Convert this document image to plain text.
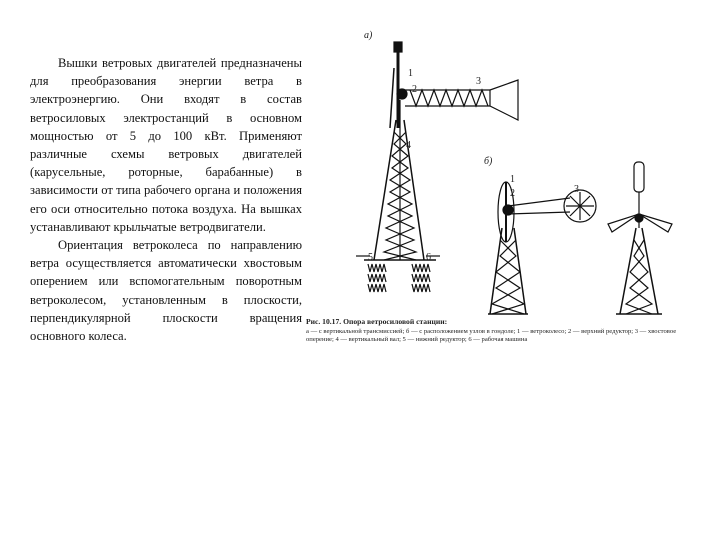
Вышки ветровых двигателей предназначены для преобразования энергии ветра в электроэнергию. Они входят в состав ветросиловых электростанций в основном мощностью от 5 до 100 кВт. Применяют различные схемы ветровых двигателей (карусельные, роторные, барабанные) в зависимости от типа рабочего органа и положения его оси относительно потока воздуха. На вышках устанавливают крыльчатые ветродвигатели.

Ориентация ветроколеса по направлению ветра осуществляется автоматически хвостовым оперением или вспомогательным поворотным ветроколесом, установленным в плоскости, перпендикулярной плоскости вращения основного колеса.

а)
б)
1
2
3
4
5	6
1
2	3
Рис. 10.17. Опора ветросиловой станции:
а — с вертикальной трансмиссией; б — с расположением узлов в гондоле; 1 — ветроколесо; 2 — верхний редуктор; 3 — хвостовое оперение; 4 — вертикальный вал; 5 — нижний редуктор; 6 — рабочая машина
